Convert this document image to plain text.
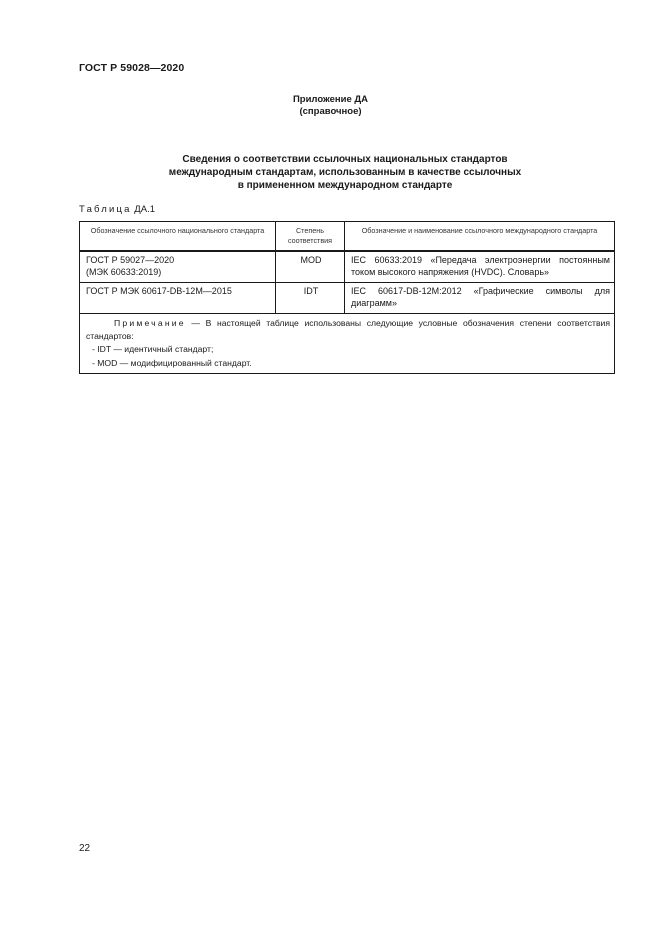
ГОСТ Р 59028—2020
Приложение ДА
(справочное)
Сведения о соответствии ссылочных национальных стандартов
международным стандартам, использованным в качестве ссылочных
в примененном международном стандарте
Таблица ДА.1
Обозначение ссылочного национального стандарта	Степень соответствия	Обозначение и наименование ссылочного международного стандарта

ГОСТ Р 59027—2020
(МЭК 60633:2019)	MOD	IEC 60633:2019 «Передача электроэнергии постоянным током высокого напряжения (HVDC). Словарь»

ГОСТ Р МЭК 60617-DB-12M—2015	IDT	IEC 60617-DB-12M:2012 «Графические символы для диаграмм»

Примечание — В настоящей таблице использованы следующие условные обозначения степени соответствия стандартов:

- IDT — идентичный стандарт;
- MOD — модифицированный стандарт.		
22
